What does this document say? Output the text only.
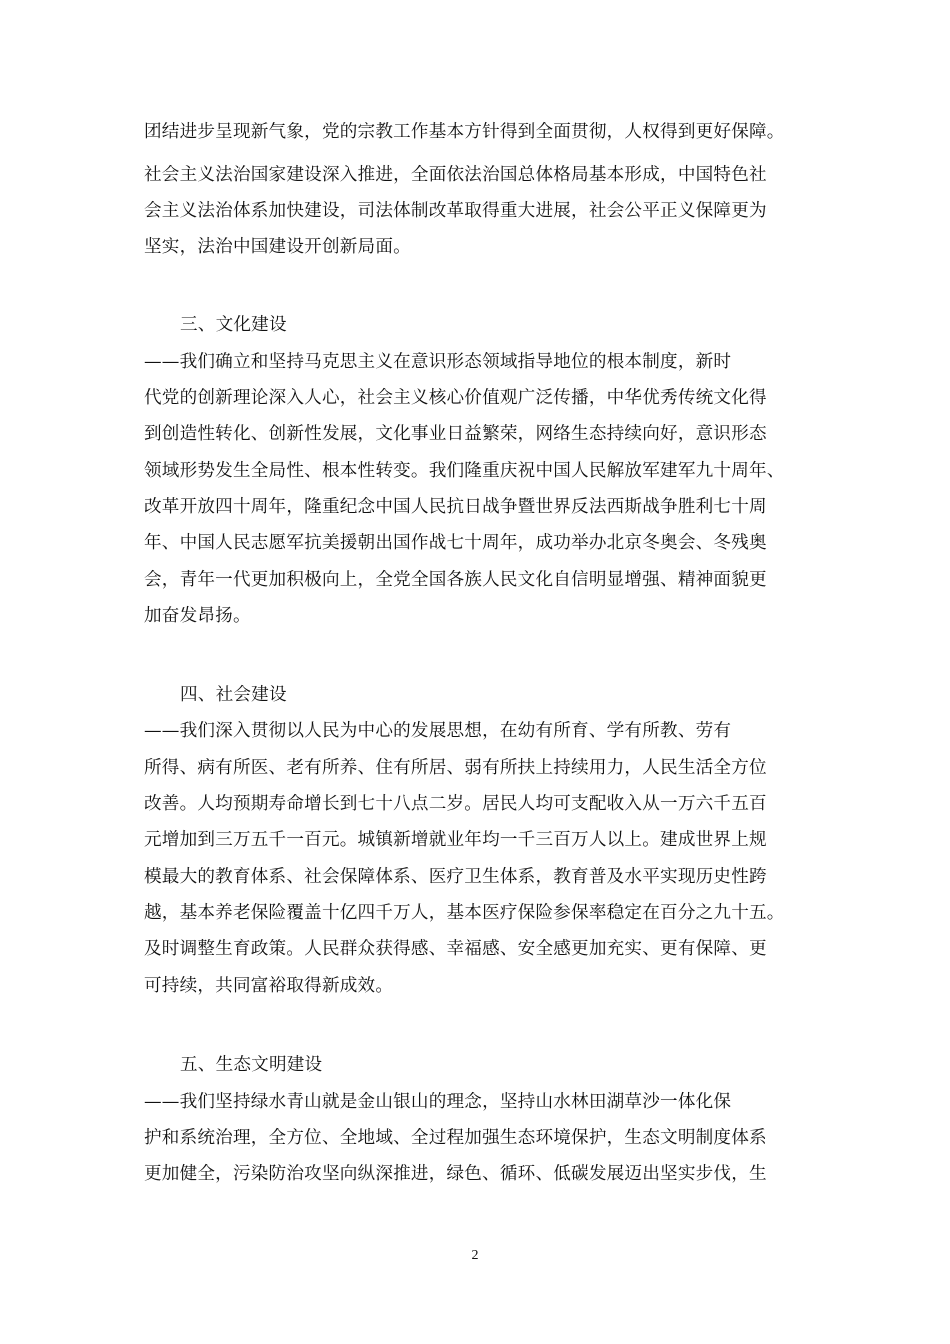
团结进步呈现新气象，党的宗教工作基本方针得到全面贯彻，人权得到更好保障。
社会主义法治国家建设深入推进，全面依法治国总体格局基本形成，中国特色社
会主义法治体系加快建设，司法体制改革取得重大进展，社会公平正义保障更为
坚实，法治中国建设开创新局面。
三、文化建设
——我们确立和坚持马克思主义在意识形态领域指导地位的根本制度，新时
代党的创新理论深入人心，社会主义核心价值观广泛传播，中华优秀传统文化得
到创造性转化、创新性发展，文化事业日益繁荣，网络生态持续向好，意识形态
领域形势发生全局性、根本性转变。我们隆重庆祝中国人民解放军建军九十周年、
改革开放四十周年，隆重纪念中国人民抗日战争暨世界反法西斯战争胜利七十周
年、中国人民志愿军抗美援朝出国作战七十周年，成功举办北京冬奥会、冬残奥
会，青年一代更加积极向上，全党全国各族人民文化自信明显增强、精神面貌更
加奋发昂扬。
四、社会建设
——我们深入贯彻以人民为中心的发展思想，在幼有所育、学有所教、劳有
所得、病有所医、老有所养、住有所居、弱有所扶上持续用力，人民生活全方位
改善。人均预期寿命增长到七十八点二岁。居民人均可支配收入从一万六千五百
元增加到三万五千一百元。城镇新增就业年均一千三百万人以上。建成世界上规
模最大的教育体系、社会保障体系、医疗卫生体系，教育普及水平实现历史性跨
越，基本养老保险覆盖十亿四千万人，基本医疗保险参保率稳定在百分之九十五。
及时调整生育政策。人民群众获得感、幸福感、安全感更加充实、更有保障、更
可持续，共同富裕取得新成效。
五、生态文明建设
——我们坚持绿水青山就是金山银山的理念，坚持山水林田湖草沙一体化保
护和系统治理，全方位、全地域、全过程加强生态环境保护，生态文明制度体系
更加健全，污染防治攻坚向纵深推进，绿色、循环、低碳发展迈出坚实步伐，生
2
